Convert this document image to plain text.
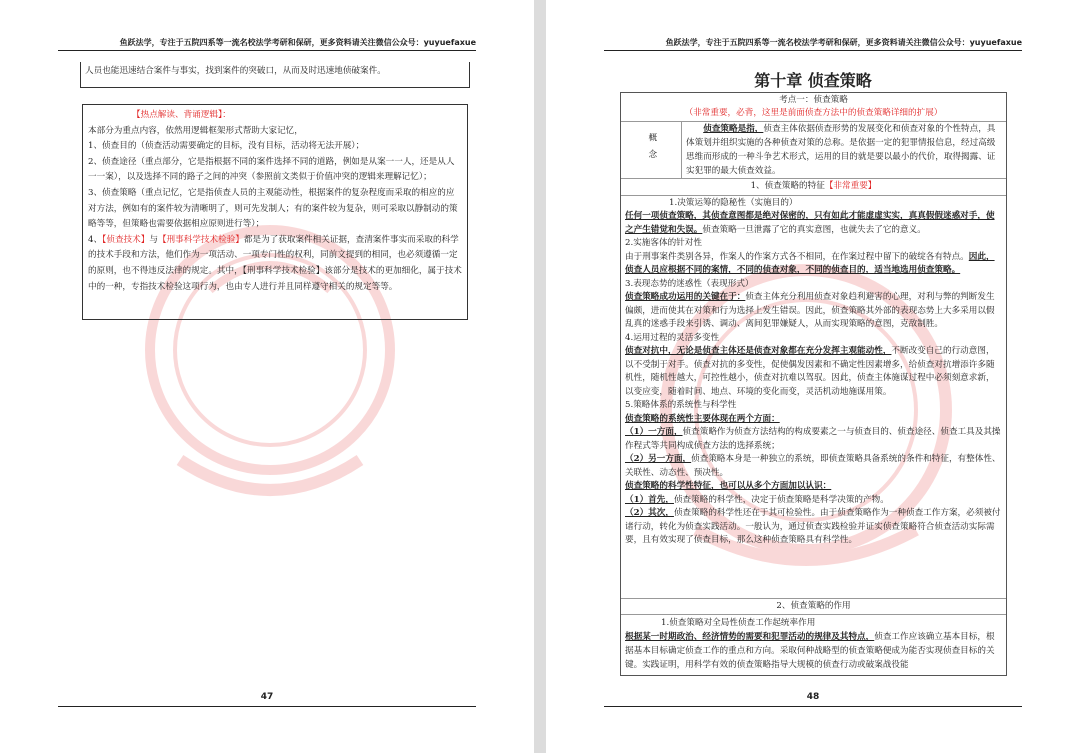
鱼跃法学，专注于五院四系等一流名校法学考研和保研，更多资料请关注微信公众号：yuyuefaxue

人员也能迅速结合案件与事实，找到案件的突破口，从而及时迅速地侦破案件。

【热点解读、背诵逻辑】：

本部分为重点内容，依然用逻辑框架形式帮助大家记忆，

1、侦查目的（侦查活动需要确定的目标，没有目标，活动将无法开展）；

2、侦查途径（重点部分，它是指根据不同的案件选择不同的道路，例如是从案一一人，还是从人一一案），以及选择不同的路子之间的冲突（参照前文类似于价值冲突的逻辑来理解记忆）；

3、侦查策略（重点记忆，它是指侦查人员的主观能动性，根据案件的复杂程度而采取的相应的应对方法，例如有的案件较为清晰明了，则可先发制人；有的案件较为复杂，则可采取以静制动的策略等等，但策略也需要依据相应原则进行等）；

4、【侦查技术】与【刑事科学技术检验】都是为了获取案件相关证据，查清案件事实而采取的科学的技术手段和方法，他们作为一项活动、一项专门性的权利，同前文提到的相同，也必须遵循一定的原则，也不得违反法律的规定。其中，【刑事科学技术检验】该部分是技术的更加细化，属于技术中的一种，专指技术检验这项行为，也由专人进行并且同样遵守相关的规定等等。

47
鱼跃法学，专注于五院四系等一流名校法学考研和保研，更多资料请关注微信公众号：yuyuefaxue
第十章 侦查策略

考点一：侦查策略

（非常重要，必背，这里是前面侦查方法中的侦查策略详细的扩展）

概念

侦查策略是指，侦查主体依据侦查形势的发展变化和侦查对象的个性特点，具体策划并组织实施的各种侦查对策的总称。是依据一定的犯罪情报信息，经过高级思维而形成的一种斗争艺术形式，运用的目的就是要以最小的代价，取得揭露、证实犯罪的最大侦查效益。

1、侦查策略的特征【非常重要】

1.决策运筹的隐秘性（实施目的）

任何一项侦查策略，其侦查意图都是绝对保密的，只有如此才能虚虚实实，真真假假迷惑对手，使之产生错觉和失误。侦查策略一旦泄露了它的真实意图，也就失去了它的意义。

2.实施客体的针对性

由于刑事案件类别各异，作案人的作案方式各不相同，在作案过程中留下的破绽各有特点。因此，侦查人员应根据不同的案情，不同的侦查对象，不同的侦查目的，适当地选用侦查策略。

3.表现态势的迷惑性（表现形式）

侦查策略成功运用的关键在于：侦查主体充分利用侦查对象趋利避害的心理，对利与弊的判断发生偏颇，进而使其在对策和行为选择上发生错误。因此，侦查策略其外部的表现态势上大多采用以假乱真的迷惑手段来引诱、调动、离间犯罪嫌疑人，从而实现策略的意图，克敌制胜。

4.运用过程的灵活多变性

侦查对抗中，无论是侦查主体还是侦查对象都在充分发挥主观能动性，不断改变自己的行动意图，以不受制于对手。侦查对抗的多变性，促使偶发因素和不确定性因素增多，给侦查对抗增添许多随机性，随机性越大，可控性越小，侦查对抗难以驾驭。因此，侦查主体施谋过程中必须刻意求新，以变应变，随着时间、地点、环境的变化而变，灵活机动地施谋用策。

5.策略体系的系统性与科学性

侦查策略的系统性主要体现在两个方面：

（1）一方面，侦查策略作为侦查方法结构的构成要素之一与侦查目的、侦查途径、侦查工具及其操作程式等共同构成侦查方法的选择系统；

（2）另一方面，侦查策略本身是一种独立的系统，即侦查策略具备系统的条件和特征，有整体性、关联性、动态性、预决性。

侦查策略的科学性特征，也可以从多个方面加以认识：

（1）首先，侦查策略的科学性，决定于侦查策略是科学决策的产物。

（2）其次，侦查策略的科学性还在于其可检验性。由于侦查策略作为一种侦查工作方案，必须被付诸行动，转化为侦查实践活动。一般认为，通过侦查实践检验并证实侦查策略符合侦查活动实际需要，且有效实现了侦查目标，那么这种侦查策略具有科学性。

2、侦查策略的作用

1.侦查策略对全局性侦查工作起统率作用

根据某一时期政治、经济情势的需要和犯罪活动的规律及其特点，侦查工作应该确立基本目标，根据基本目标确定侦查工作的重点和方向。采取何种战略型的侦查策略便成为能否实现侦查目标的关键。实践证明，用科学有效的侦查策略指导大规模的侦查行动或破案战役能

48
